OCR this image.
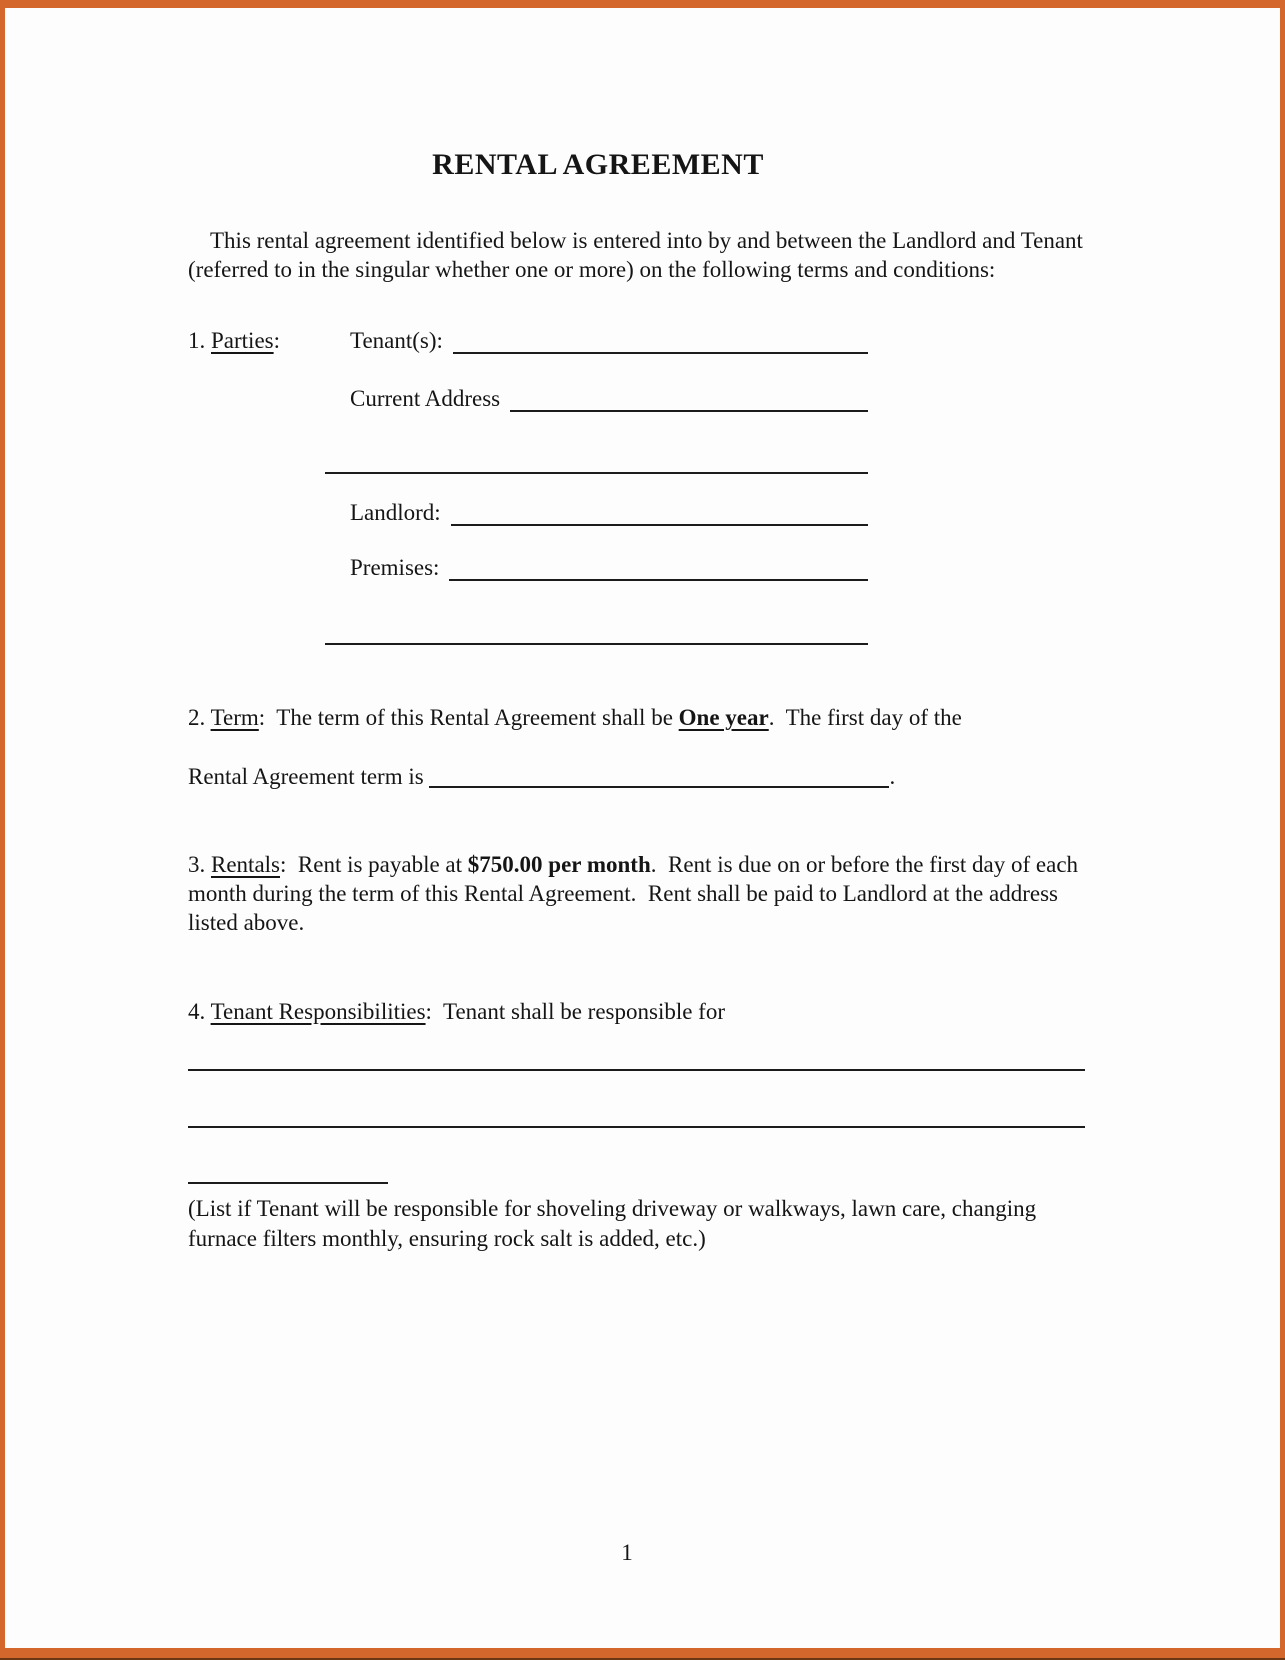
RENTAL AGREEMENT

This rental agreement identified below is entered into by and between the Landlord and Tenant (referred to in the singular whether one or more) on the following terms and conditions:

1. Parties:	Tenant(s):
Current Address
Landlord:
Premises:
2. Term:  The term of this Rental Agreement shall be One year.  The first day of the
Rental Agreement term is	.

3. Rentals:  Rent is payable at $750.00 per month.  Rent is due on or before the first day of each month during the term of this Rental Agreement.  Rent shall be paid to Landlord at the address listed above.

4. Tenant Responsibilities:  Tenant shall be responsible for

(List if Tenant will be responsible for shoveling driveway or walkways, lawn care, changing furnace filters monthly, ensuring rock salt is added, etc.)

1
